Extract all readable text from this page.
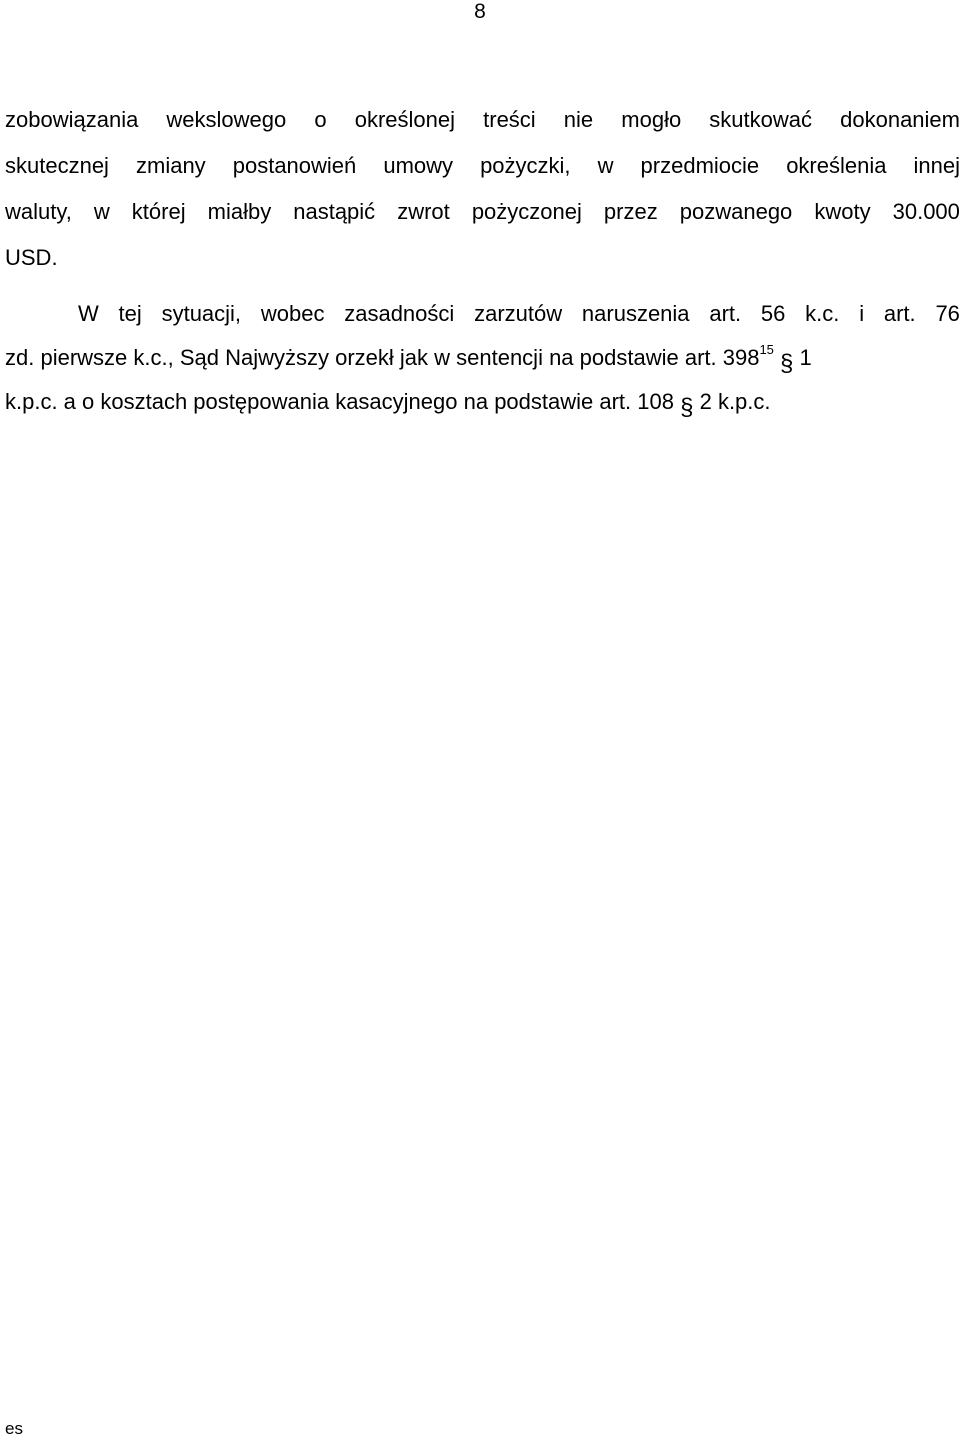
8
zobowiązania wekslowego o określonej treści nie mogło skutkować dokonaniem
skutecznej zmiany postanowień umowy pożyczki, w przedmiocie określenia innej
waluty, w której miałby nastąpić zwrot pożyczonej przez pozwanego kwoty 30.000
USD.
W tej sytuacji, wobec zasadności zarzutów naruszenia art. 56 k.c. i art. 76
zd. pierwsze k.c., Sąd Najwyższy orzekł jak w sentencji na podstawie art. $398^{15}$ § 1
k.p.c. a o kosztach postępowania kasacyjnego na podstawie art. 108 § 2 k.p.c.
es
